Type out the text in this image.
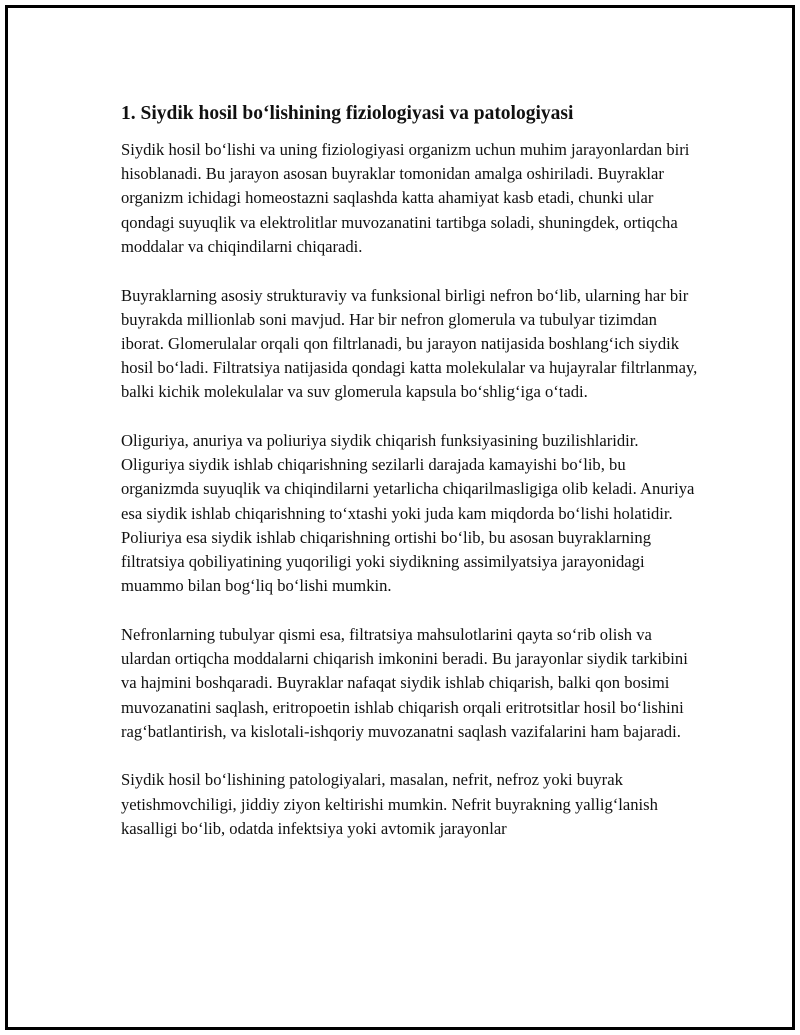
1. Siydik hosil bo‘lishining fiziologiyasi va patologiyasi

Siydik hosil bo‘lishi va uning fiziologiyasi organizm uchun muhim jarayonlardan biri hisoblanadi. Bu jarayon asosan buyraklar tomonidan amalga oshiriladi. Buyraklar organizm ichidagi homeostazni saqlashda katta ahamiyat kasb etadi, chunki ular qondagi suyuqlik va elektrolitlar muvozanatini tartibga soladi, shuningdek, ortiqcha moddalar va chiqindilarni chiqaradi.

Buyraklarning asosiy strukturaviy va funksional birligi nefron bo‘lib, ularning har bir buyrakda millionlab soni mavjud. Har bir nefron glomerula va tubulyar tizimdan iborat. Glomerulalar orqali qon filtrlanadi, bu jarayon natijasida boshlang‘ich siydik hosil bo‘ladi. Filtratsiya natijasida qondagi katta molekulalar va hujayralar filtrlanmay, balki kichik molekulalar va suv glomerula kapsula bo‘shlig‘iga o‘tadi.

Oliguriya, anuriya va poliuriya siydik chiqarish funksiyasining buzilishlaridir. Oliguriya siydik ishlab chiqarishning sezilarli darajada kamayishi bo‘lib, bu organizmda suyuqlik va chiqindilarni yetarlicha chiqarilmasligiga olib keladi. Anuriya esa siydik ishlab chiqarishning to‘xtashi yoki juda kam miqdorda bo‘lishi holatidir. Poliuriya esa siydik ishlab chiqarishning ortishi bo‘lib, bu asosan buyraklarning filtratsiya qobiliyatining yuqoriligi yoki siydikning assimilyatsiya jarayonidagi muammo bilan bog‘liq bo‘lishi mumkin.

Nefronlarning tubulyar qismi esa, filtratsiya mahsulotlarini qayta so‘rib olish va ulardan ortiqcha moddalarni chiqarish imkonini beradi. Bu jarayonlar siydik tarkibini va hajmini boshqaradi. Buyraklar nafaqat siydik ishlab chiqarish, balki qon bosimi muvozanatini saqlash, eritropoetin ishlab chiqarish orqali eritrotsitlar hosil bo‘lishini rag‘batlantirish, va kislotali-ishqoriy muvozanatni saqlash vazifalarini ham bajaradi.

Siydik hosil bo‘lishining patologiyalari, masalan, nefrit, nefroz yoki buyrak yetishmovchiligi, jiddiy ziyon keltirishi mumkin. Nefrit buyrakning yallig‘lanish kasalligi bo‘lib, odatda infektsiya yoki avtomik jarayonlar
